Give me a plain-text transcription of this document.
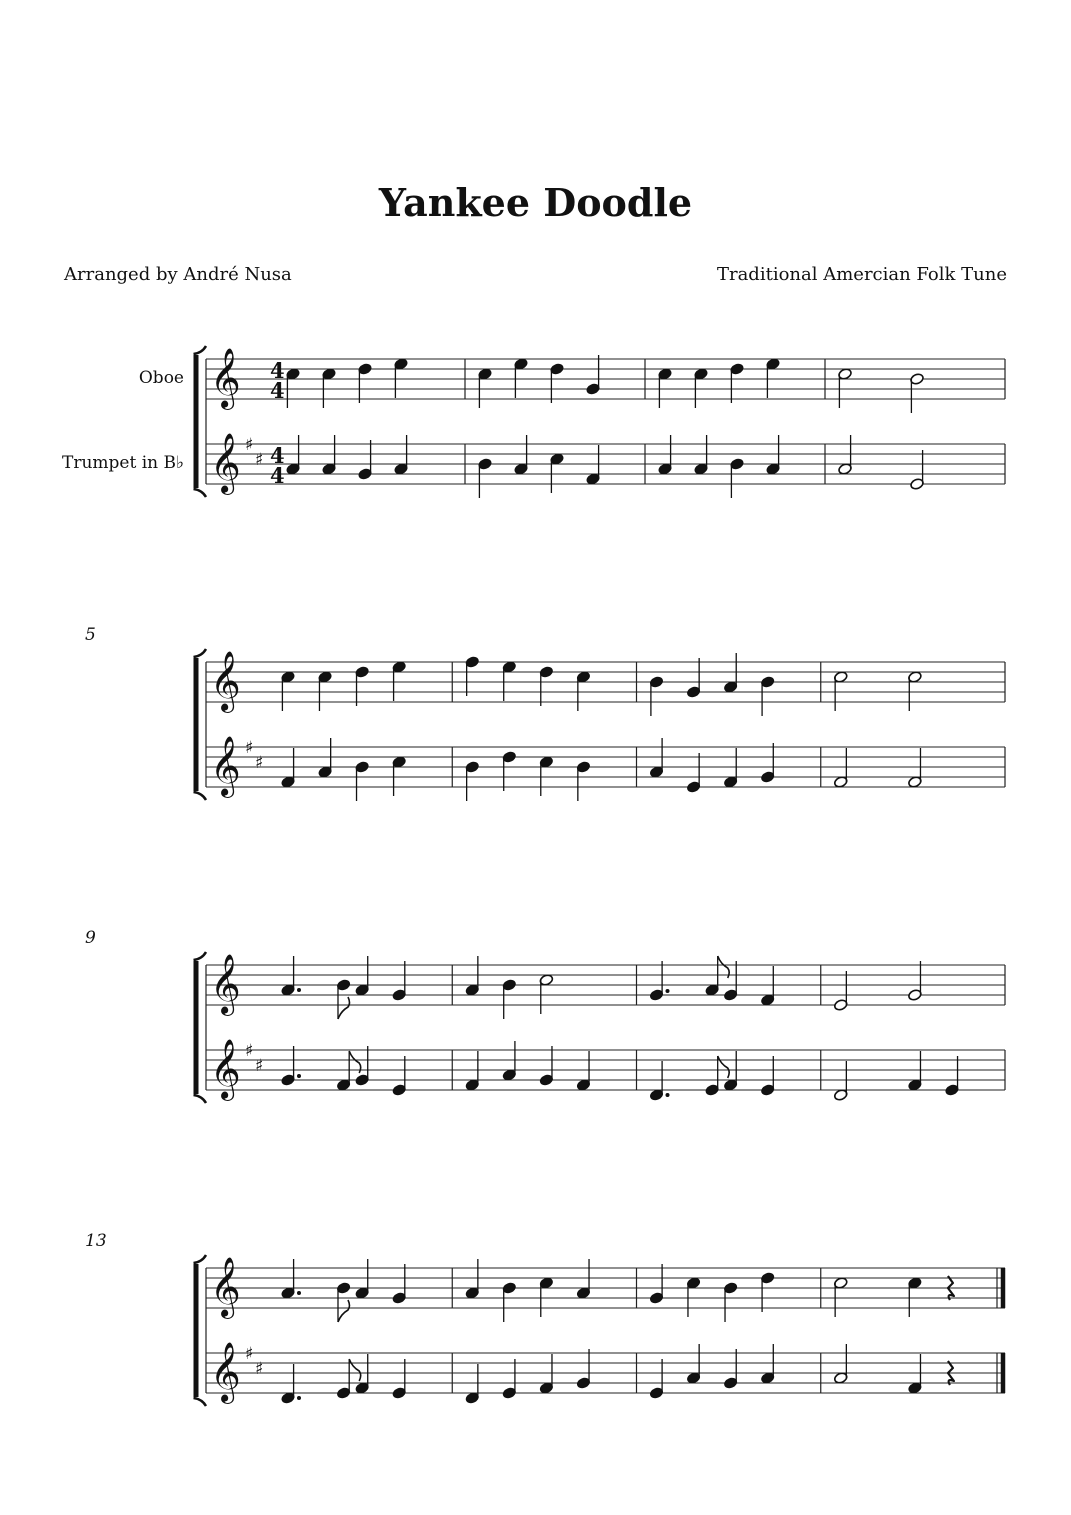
Yankee Doodle
Arranged by André Nusa	Traditional Amercian Folk Tune
𝄞
𝄞 ♯
♯
4
4
4
4
Oboe
Trumpet in B♭
𝄞
𝄞 ♯
♯
5
𝄞
𝄞 ♯
♯
9
𝄞
𝄞 ♯
♯
13
